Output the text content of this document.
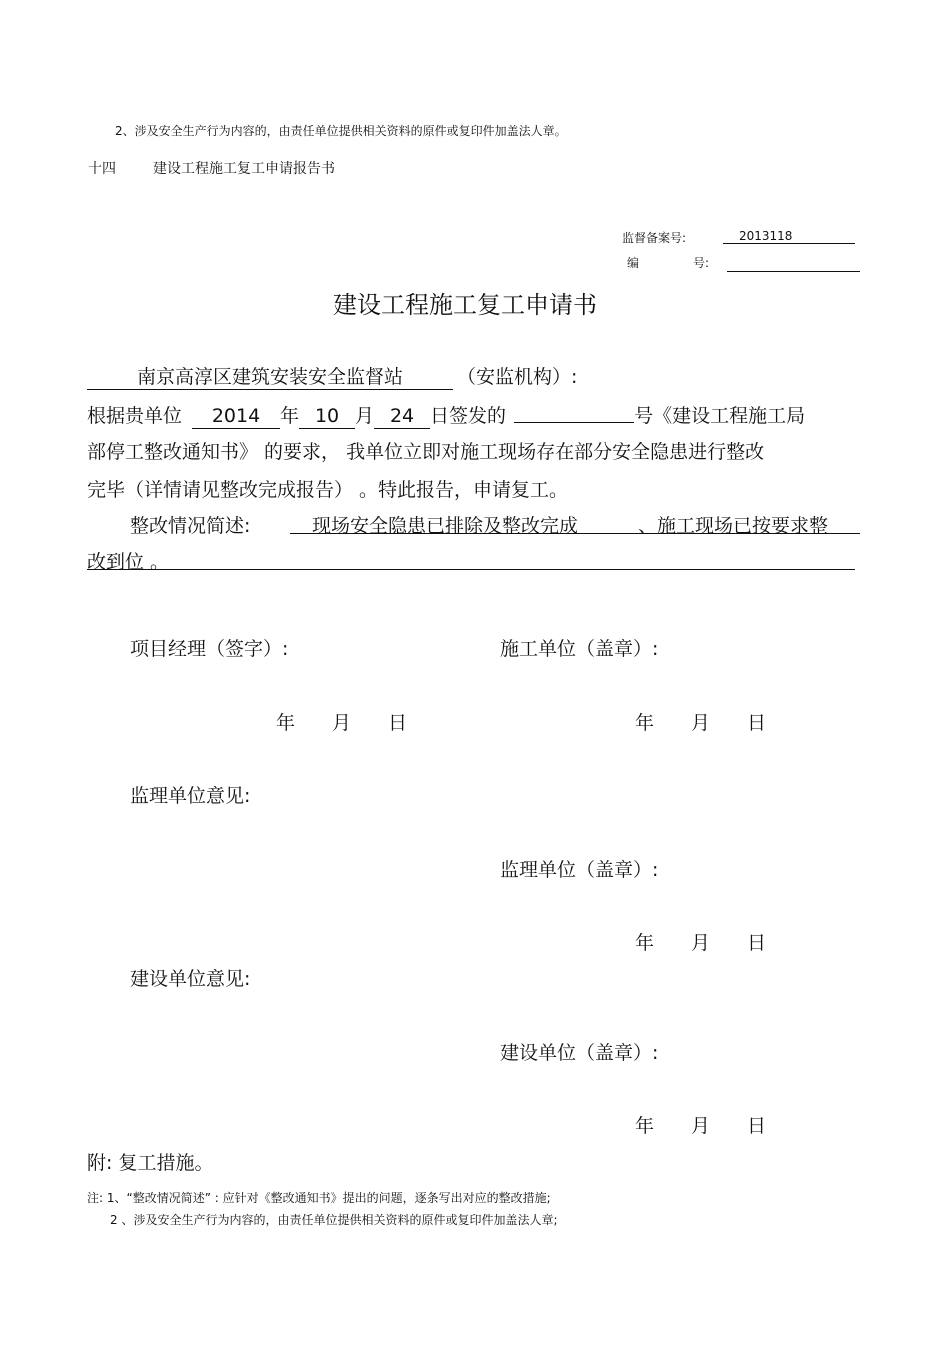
2、涉及安全生产行为内容的，由责任单位提供相关资料的原件或复印件加盖法人章。
十四	建设工程施工复工申请报告书
监督备案号:	2013118
编	号:
建设工程施工复工申请书
南京高淳区建筑安装安全监督站	（安监机构）:
根据贵单位 2014 年 10 月 24 日签发的	号《建设工程施工局
部停工整改通知书》 的要求， 我单位立即对施工现场存在部分安全隐患进行整改
完毕（详情请见整改完成报告） 。特此报告，申请复工。
整改情况简述:	现场安全隐患已排除及整改完成	、施工现场已按要求整
改到位 。
项目经理（签字）:	施工单位（盖章）:
年 月 日	年 月 日
监理单位意见:
监理单位（盖章）:
年 月 日
建设单位意见:
建设单位（盖章）:
年 月 日
附: 复工措施。
注: 1、“整改情况简述” : 应针对《整改通知书》提出的问题，逐条写出对应的整改措施;
2 、涉及安全生产行为内容的，由责任单位提供相关资料的原件或复印件加盖法人章;
